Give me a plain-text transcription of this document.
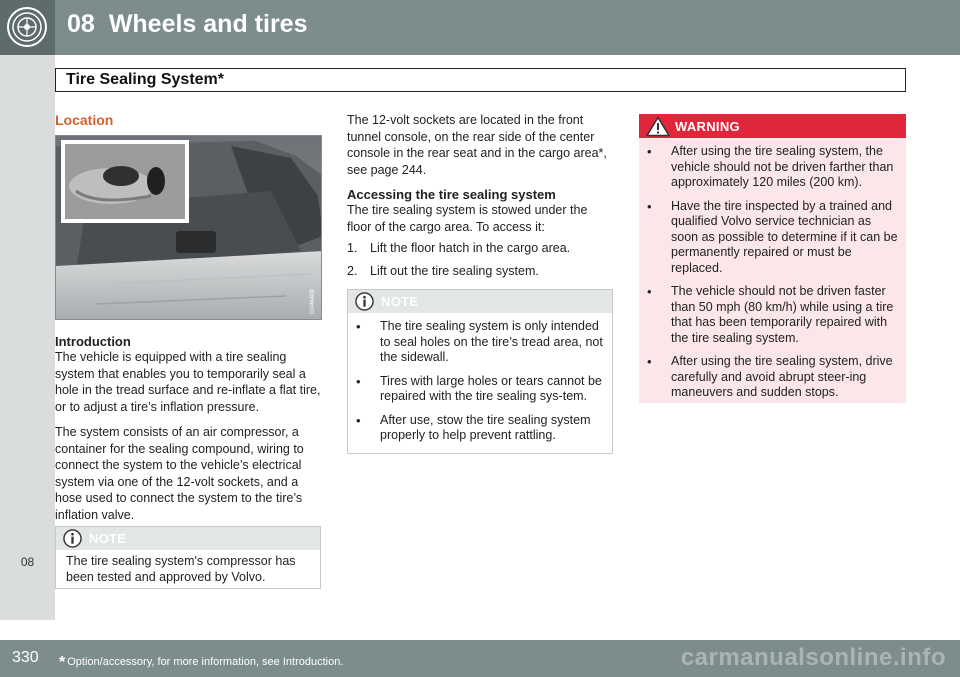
08 Wheels and tires
08
Tire Sealing System*
Location
G046409
Introduction

The vehicle is equipped with a tire sealing system that enables you to temporarily seal a hole in the tread surface and re-inflate a flat tire, or to adjust a tire’s inflation pressure.

The system consists of an air compressor, a container for the sealing compound, wiring to connect the system to the vehicle’s electrical system via one of the 12-volt sockets, and a hose used to connect the system to the tire’s inflation valve.

NOTE

The tire sealing system's compressor has been tested and approved by Volvo.

The 12-volt sockets are located in the front tunnel console, on the rear side of the center console in the rear seat and in the cargo area*, see page 244.

Accessing the tire sealing system

The tire sealing system is stowed under the floor of the cargo area. To access it:

1. Lift the floor hatch in the cargo area.
2. Lift out the tire sealing system.
NOTE
• The tire sealing system is only intended to seal holes on the tire’s tread area, not the sidewall.
• Tires with large holes or tears cannot be repaired with the tire sealing sys-tem.
• After use, stow the tire sealing system properly to help prevent rattling.
WARNING
• After using the tire sealing system, the vehicle should not be driven farther than approximately 120 miles (200 km).
• Have the tire inspected by a trained and qualified Volvo service technician as soon as possible to determine if it can be permanently repaired or must be replaced.
• The vehicle should not be driven faster than 50 mph (80 km/h) while using a tire that has been temporarily repaired with the tire sealing system.
• After using the tire sealing system, drive carefully and avoid abrupt steer-ing maneuvers and sudden stops.
330 * Option/accessory, for more information, see Introduction.	carmanualsonline.info
